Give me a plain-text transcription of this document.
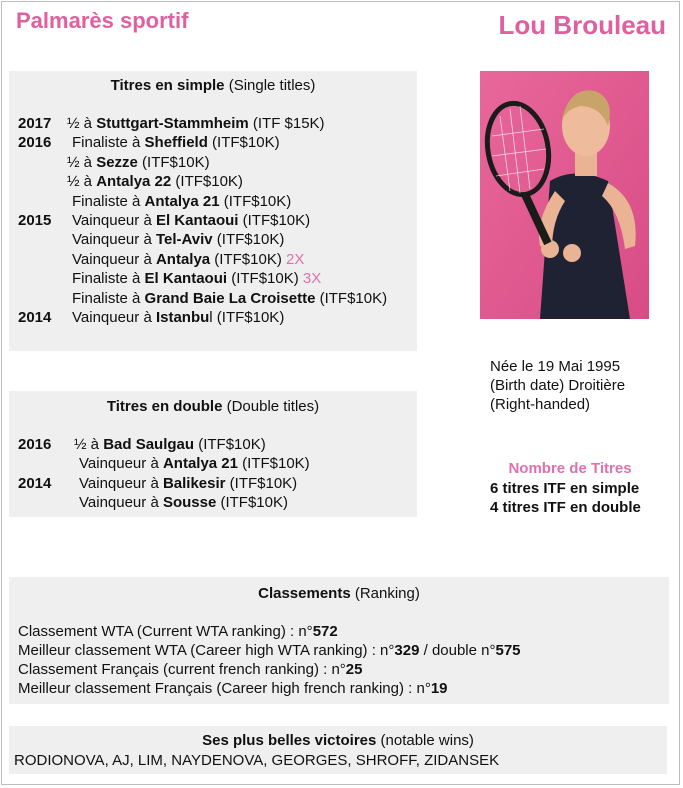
Palmarès sportif	Lou Brouleau
Titres en simple (Single titles)
2017 ½ à Stuttgart-Stammheim (ITF $15K)
2016 Finaliste à Sheffield (ITF$10K)
½ à Sezze (ITF$10K)
½ à Antalya 22 (ITF$10K)
Finaliste à Antalya 21 (ITF$10K)
2015 Vainqueur à El Kantaoui (ITF$10K)
Vainqueur à Tel-Aviv (ITF$10K)
Vainqueur à Antalya (ITF$10K) 2X
Finaliste à El Kantaoui (ITF$10K) 3X
Finaliste à Grand Baie La Croisette (ITF$10K)
2014 Vainqueur à Istanbul (ITF$10K)
Titres en double (Double titles)
2016 ½ à Bad Saulgau (ITF$10K)
Vainqueur à Antalya 21 (ITF$10K)
2014 Vainqueur à Balikesir (ITF$10K)
Vainqueur à Sousse (ITF$10K)
Née le 19 Mai 1995
(Birth date) Droitière
(Right-handed)
Nombre de Titres
6 titres ITF en simple
4 titres ITF en double
Classements (Ranking)
Classement WTA (Current WTA ranking) : n°572
Meilleur classement WTA (Career high WTA ranking) : n°329 / double n°575
Classement Français (current french ranking) : n°25
Meilleur classement Français (Career high french ranking) : n°19
Ses plus belles victoires (notable wins)
RODIONOVA, AJ, LIM, NAYDENOVA, GEORGES, SHROFF, ZIDANSEK
